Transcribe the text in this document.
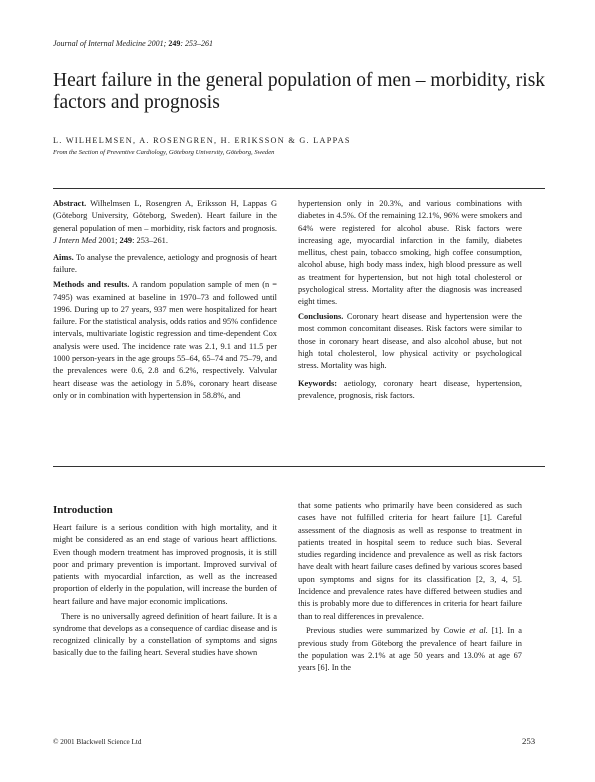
Journal of Internal Medicine 2001; 249: 253–261
Heart failure in the general population of men – morbidity, risk factors and prognosis
L. WILHELMSEN, A. ROSENGREN, H. ERIKSSON & G. LAPPAS
From the Section of Preventive Cardiology, Göteborg University, Göteborg, Sweden

Abstract. Wilhelmsen L, Rosengren A, Eriksson H, Lappas G (Göteborg University, Göteborg, Sweden). Heart failure in the general population of men – morbidity, risk factors and prognosis. J Intern Med 2001; 249: 253–261.

Aims. To analyse the prevalence, aetiology and prognosis of heart failure.

Methods and results. A random population sample of men (n = 7495) was examined at baseline in 1970–73 and followed until 1996. During up to 27 years, 937 men were hospitalized for heart failure. For the statistical analysis, odds ratios and 95% confidence intervals, multivariate logistic regression and time-dependent Cox analysis were used. The incidence rate was 2.1, 9.1 and 11.5 per 1000 person-years in the age groups 55–64, 65–74 and 75–79, and the prevalences were 0.6, 2.8 and 6.2%, respectively. Valvular heart disease was the aetiology in 5.8%, coronary heart disease only or in combination with hypertension in 58.8%, and

hypertension only in 20.3%, and various combinations with diabetes in 4.5%. Of the remaining 12.1%, 96% were smokers and 64% were registered for alcohol abuse. Risk factors were increasing age, myocardial infarction in the family, diabetes mellitus, chest pain, tobacco smoking, high coffee consumption, alcohol abuse, high body mass index, high blood pressure as well as treatment for hypertension, but not high total cholesterol or psychological stress. Mortality after the diagnosis was increased eight times.

Conclusions. Coronary heart disease and hypertension were the most common concomitant diseases. Risk factors were similar to those in coronary heart disease, and also alcohol abuse, but not high total cholesterol, low physical activity or psychological stress. Mortality was high.

Keywords: aetiology, coronary heart disease, hypertension, prevalence, prognosis, risk factors.

Introduction

Heart failure is a serious condition with high mortality, and it might be considered as an end stage of various heart afflictions. Even though modern treatment has improved prognosis, it is still poor and primary prevention is important. Improved survival of patients with myocardial infarction, as well as the increased proportion of elderly in the population, will increase the burden of heart failure and have major economic implications.

There is no universally agreed definition of heart failure. It is a syndrome that develops as a consequence of cardiac disease and is recognized clinically by a constellation of symptoms and signs basically due to the failing heart. Several studies have shown

that some patients who primarily have been considered as such cases have not fulfilled criteria for heart failure [1]. Careful assessment of the diagnosis as well as response to treatment in patients treated in hospital seem to reduce such bias. Several studies regarding incidence and prevalence as well as risk factors have dealt with heart failure cases defined by various scores based upon symptoms and signs for its classification [2, 3, 4, 5]. Incidence and prevalence rates have differed between studies and this is probably more due to differences in criteria for heart failure than to real differences in prevalence.

Previous studies were summarized by Cowie et al. [1]. In a previous study from Göteborg the prevalence of heart failure in the population was 2.1% at age 50 years and 13.0% at age 67 years [6]. In the

© 2001 Blackwell Science Ltd	253
